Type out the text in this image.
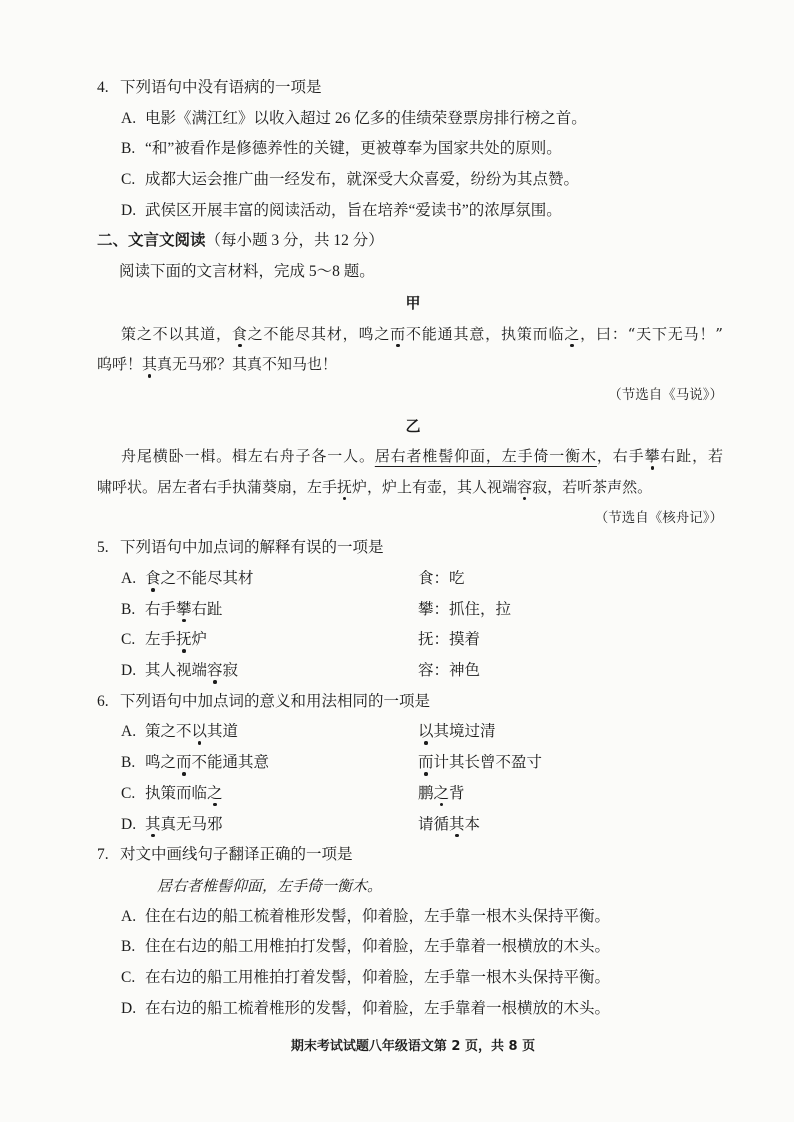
4. 下列语句中没有语病的一项是
A. 电影《满江红》以收入超过 26 亿多的佳绩荣登票房排行榜之首。
B. “和”被看作是修德养性的关键，更被尊奉为国家共处的原则。
C. 成都大运会推广曲一经发布，就深受大众喜爱，纷纷为其点赞。
D. 武侯区开展丰富的阅读活动，旨在培养“爱读书”的浓厚氛围。
二、文言文阅读（每小题 3 分，共 12 分）
阅读下面的文言材料，完成 5～8 题。
甲
策之不以其道，食之不能尽其材，鸣之而不能通其意，执策而临之，曰：“天下无马！”
呜呼！其真无马邪？其真不知马也！
（节选自《马说》）
乙
舟尾横卧一楫。楫左右舟子各一人。居右者椎髻仰面，左手倚一衡木，右手攀右趾，若
啸呼状。居左者右手执蒲葵扇，左手抚炉，炉上有壶，其人视端容寂，若听茶声然。
（节选自《核舟记》）
5. 下列语句中加点词的解释有误的一项是
A. 食之不能尽其材	食：吃
B. 右手攀右趾	攀：抓住，拉
C. 左手抚炉	抚：摸着
D. 其人视端容寂	容：神色
6. 下列语句中加点词的意义和用法相同的一项是
A. 策之不以其道	以其境过清
B. 鸣之而不能通其意	而计其长曾不盈寸
C. 执策而临之	鹏之背
D. 其真无马邪	请循其本
7. 对文中画线句子翻译正确的一项是
居右者椎髻仰面，左手倚一衡木。
A. 住在右边的船工梳着椎形发髻，仰着脸，左手靠一根木头保持平衡。
B. 住在右边的船工用椎拍打发髻，仰着脸，左手靠着一根横放的木头。
C. 在右边的船工用椎拍打着发髻，仰着脸，左手靠一根木头保持平衡。
D. 在右边的船工梳着椎形的发髻，仰着脸，左手靠着一根横放的木头。
期末考试试题八年级语文第 2 页，共 8 页
